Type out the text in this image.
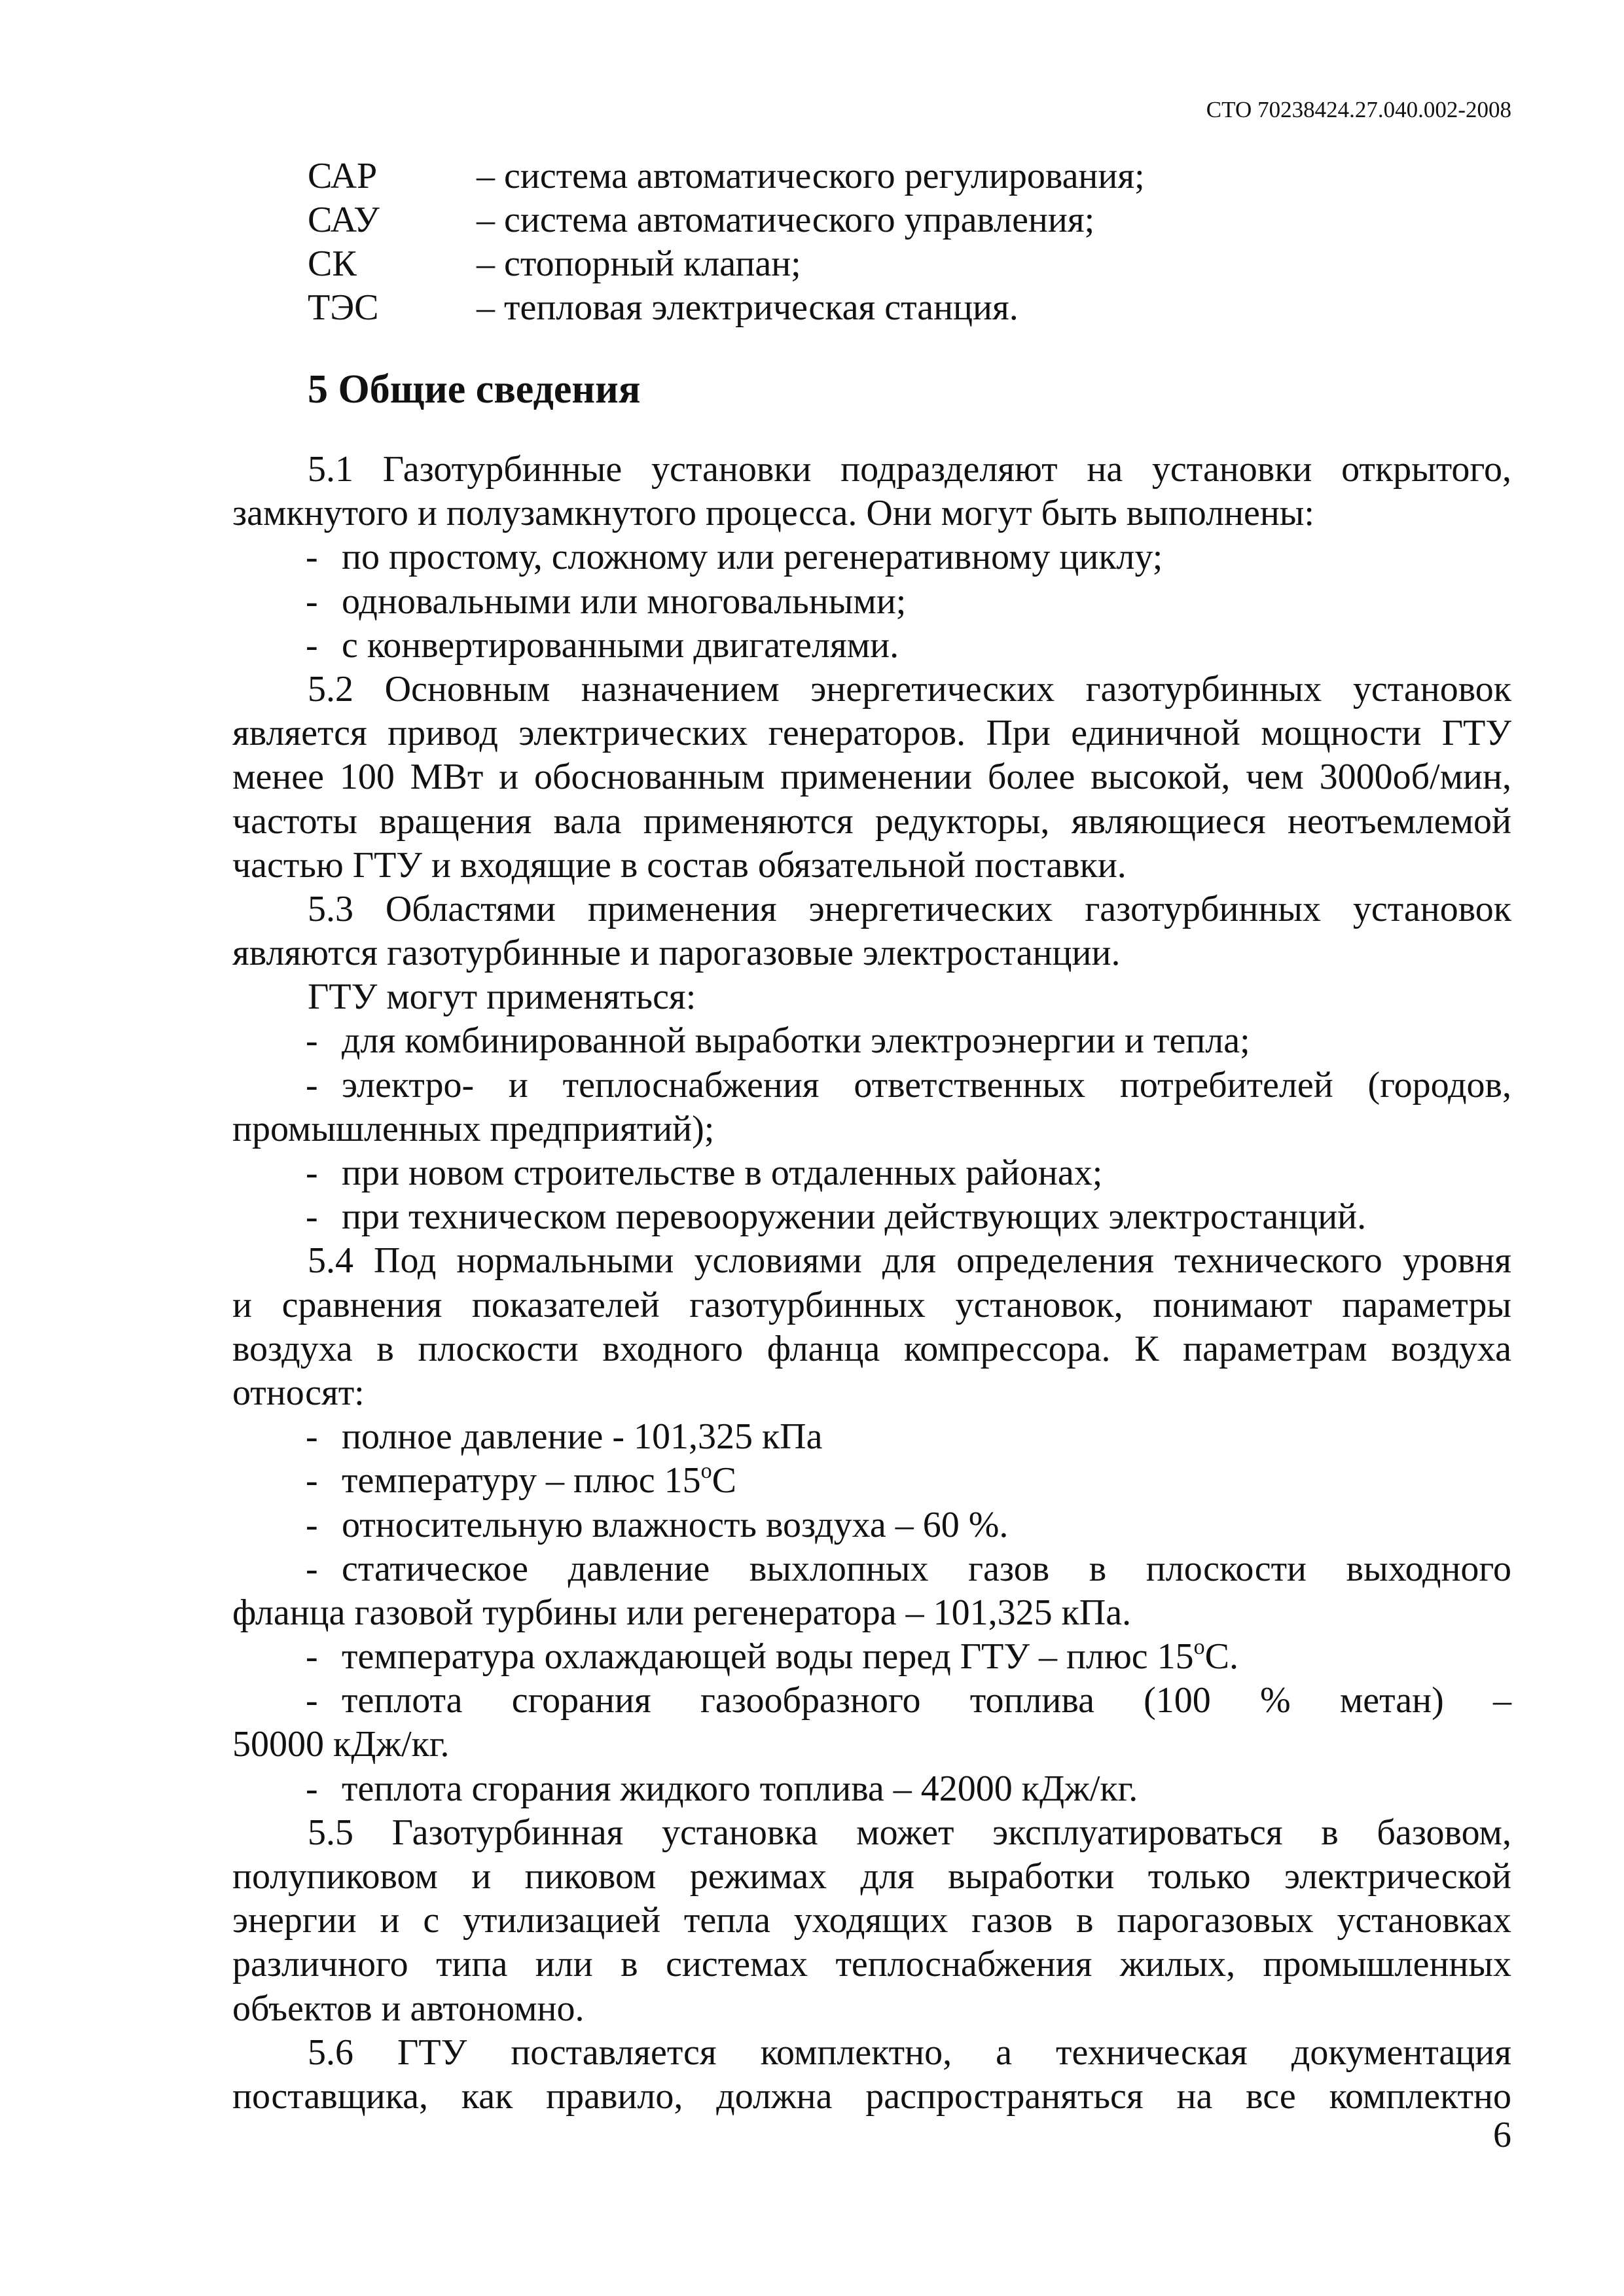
СТО 70238424.27.040.002-2008
САР	– система автоматического регулирования;
САУ	– система автоматического управления;
СК	– стопорный клапан;
ТЭС	– тепловая электрическая станция.
5 Общие сведения
5.1 Газотурбинные установки подразделяют на установки открытого,
замкнутого и полузамкнутого процесса. Они могут быть выполнены:
- по простому, сложному или регенеративному циклу;
- одновальными или многовальными;
- с конвертированными двигателями.
5.2 Основным назначением энергетических газотурбинных установок
является привод электрических генераторов. При единичной мощности ГТУ
менее 100 МВт и обоснованным применении более высокой, чем 3000об/мин,
частоты вращения вала применяются редукторы, являющиеся неотъемлемой
частью ГТУ и входящие в состав обязательной поставки.
5.3 Областями применения энергетических газотурбинных установок
являются газотурбинные и парогазовые электростанции.
ГТУ могут применяться:
- для комбинированной выработки электроэнергии и тепла;
- электро- и теплоснабжения ответственных потребителей (городов,
промышленных предприятий);
- при новом строительстве в отдаленных районах;
- при техническом перевооружении действующих электростанций.
5.4 Под нормальными условиями для определения технического уровня
и сравнения показателей газотурбинных установок, понимают параметры
воздуха в плоскости входного фланца компрессора. К параметрам воздуха
относят:
- полное давление - 101,325 кПа
- температуру – плюс 15$^o$С
- относительную влажность воздуха – 60 %.
- статическое давление выхлопных газов в плоскости выходного
фланца газовой турбины или регенератора – 101,325 кПа.
- температура охлаждающей воды перед ГТУ – плюс 15$^o$С.
- теплота сгорания газообразного топлива (100 % метан) –
50000 кДж/кг.
- теплота сгорания жидкого топлива – 42000 кДж/кг.
5.5 Газотурбинная установка может эксплуатироваться в базовом,
полупиковом и пиковом режимах для выработки только электрической
энергии и с утилизацией тепла уходящих газов в парогазовых установках
различного типа или в системах теплоснабжения жилых, промышленных
объектов и автономно.
5.6 ГТУ поставляется комплектно, а техническая документация
поставщика, как правило, должна распространяться на все комплектно
6
